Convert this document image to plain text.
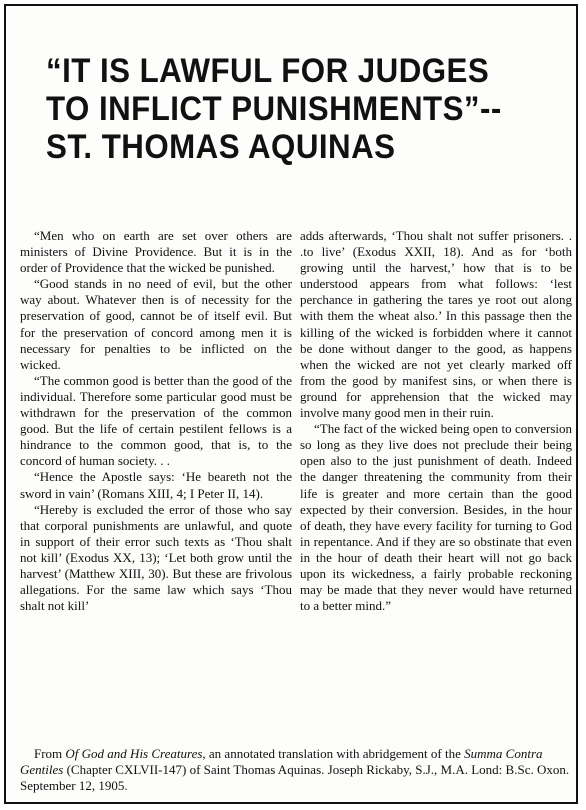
“IT IS LAWFUL FOR JUDGES
TO INFLICT PUNISHMENTS”--
ST. THOMAS AQUINAS

“Men who on earth are set over others are ministers of Divine Providence. But it is in the order of Providence that the wicked be punished.

“Good stands in no need of evil, but the other way about. Whatever then is of necessity for the preservation of good, cannot be of itself evil. But for the preservation of concord among men it is necessary for penalties to be inflicted on the wicked.

“The common good is better than the good of the individual. Therefore some particular good must be withdrawn for the preservation of the common good. But the life of certain pestilent fellows is a hindrance to the common good, that is, to the concord of human society. . .

“Hence the Apostle says: ‘He beareth not the sword in vain’ (Romans XIII, 4; I Peter II, 14).

“Hereby is excluded the error of those who say that corporal punishments are unlawful, and quote in support of their error such texts as ‘Thou shalt not kill’ (Exodus XX, 13); ‘Let both grow until the harvest’ (Matthew XIII, 30). But these are frivolous allegations. For the same law which says ‘Thou shalt not kill’

adds afterwards, ‘Thou shalt not suffer prisoners. . .to live’ (Exodus XXII, 18). And as for ‘both growing until the harvest,’ how that is to be understood appears from what follows: ‘lest perchance in gathering the tares ye root out along with them the wheat also.’ In this passage then the killing of the wicked is forbidden where it cannot be done without danger to the good, as happens when the wicked are not yet clearly marked off from the good by manifest sins, or when there is ground for apprehension that the wicked may involve many good men in their ruin.

“The fact of the wicked being open to conversion so long as they live does not preclude their being open also to the just punishment of death. Indeed the danger threatening the community from their life is greater and more certain than the good expected by their conversion. Besides, in the hour of death, they have every facility for turning to God in repentance. And if they are so obstinate that even in the hour of death their heart will not go back upon its wickedness, a fairly probable reckoning may be made that they never would have returned to a better mind.”

From Of God and His Creatures, an annotated translation with abridgement of the Summa Contra Gentiles (Chapter CXLVII-147) of Saint Thomas Aquinas. Joseph Rickaby, S.J., M.A. Lond: B.Sc. Oxon. September 12, 1905.
